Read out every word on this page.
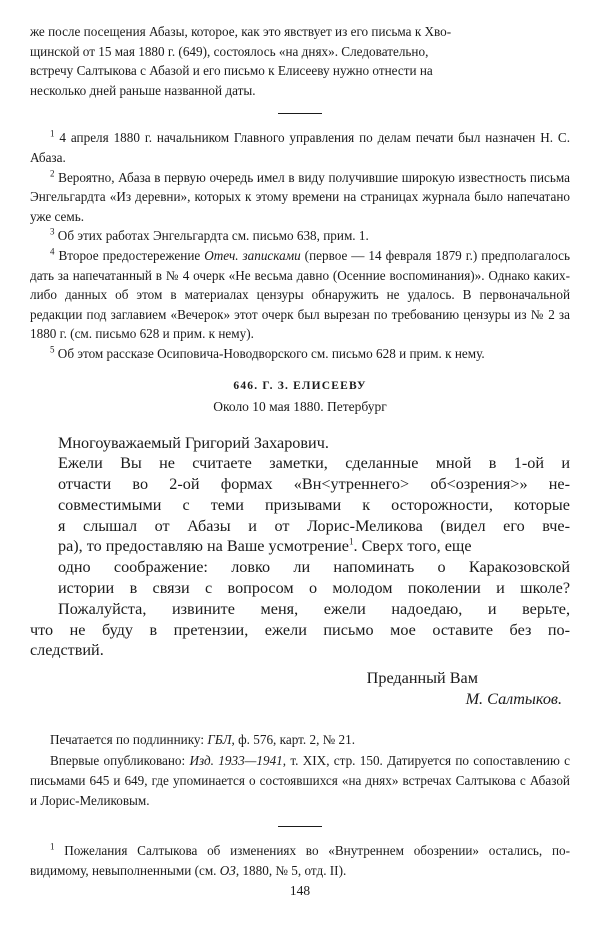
же после посещения Абазы, которое, как это явствует из его письма к Хво-
щинской от 15 мая 1880 г. (649), состоялось «на днях». Следовательно,
встречу Салтыкова с Абазой и его письмо к Елисееву нужно отнести на
несколько дней раньше названной даты.

$^1$ 4 апреля 1880 г. начальником Главного управления по делам печати был назначен Н. С. Абаза.

$^2$ Вероятно, Абаза в первую очередь имел в виду получившие широкую известность письма Энгельгардта «Из деревни», которых к этому времени на страницах журнала было напечатано уже семь.

$^3$ Об этих работах Энгельгардта см. письмо 638, прим. 1.

$^4$ Второе предостережение Отеч. записками (первое — 14 февраля 1879 г.) предполагалось дать за напечатанный в № 4 очерк «Не весьма давно (Осенние воспоминания)». Однако каких-либо данных об этом в материалах цензуры обнаружить не удалось. В первоначальной редакции под заглавием «Вечерок» этот очерк был вырезан по требованию цензуры из № 2 за 1880 г. (см. письмо 628 и прим. к нему).

$^5$ Об этом рассказе Осиповича-Новодворского см. письмо 628 и прим. к нему.

646. Г. З. ЕЛИСЕЕВУ

Около 10 мая 1880. Петербург

Многоуважаемый Григорий Захарович.

Ежели Вы не считаете заметки, сделанные мной в 1-ой и
отчасти во 2-ой формах «Вн<утреннего> об<озрения>» не-
совместимыми с теми призывами к осторожности, которые
я слышал от Абазы и от Лорис-Меликова (видел его вче-
ра), то предоставляю на Ваше усмотрение$^1$. Сверх того, еще
одно соображение: ловко ли напоминать о Каракозовской
истории в связи с вопросом о молодом поколении и школе?
Пожалуйста, извините меня, ежели надоедаю, и верьте,
что не буду в претензии, ежели письмо мое оставите без по-
следствий.

Преданный Вам

М. Салтыков.

Печатается по подлиннику: ГБЛ, ф. 576, карт. 2, № 21.

Впервые опубликовано: Изд. 1933—1941, т. XIX, стр. 150. Датируется по сопоставлению с письмами 645 и 649, где упоминается о состоявшихся «на днях» встречах Салтыкова с Абазой и Лорис-Меликовым.

$^1$ Пожелания Салтыкова об изменениях во «Внутреннем обозрении» остались, по-видимому, невыполненными (см. ОЗ, 1880, № 5, отд. II).

148
